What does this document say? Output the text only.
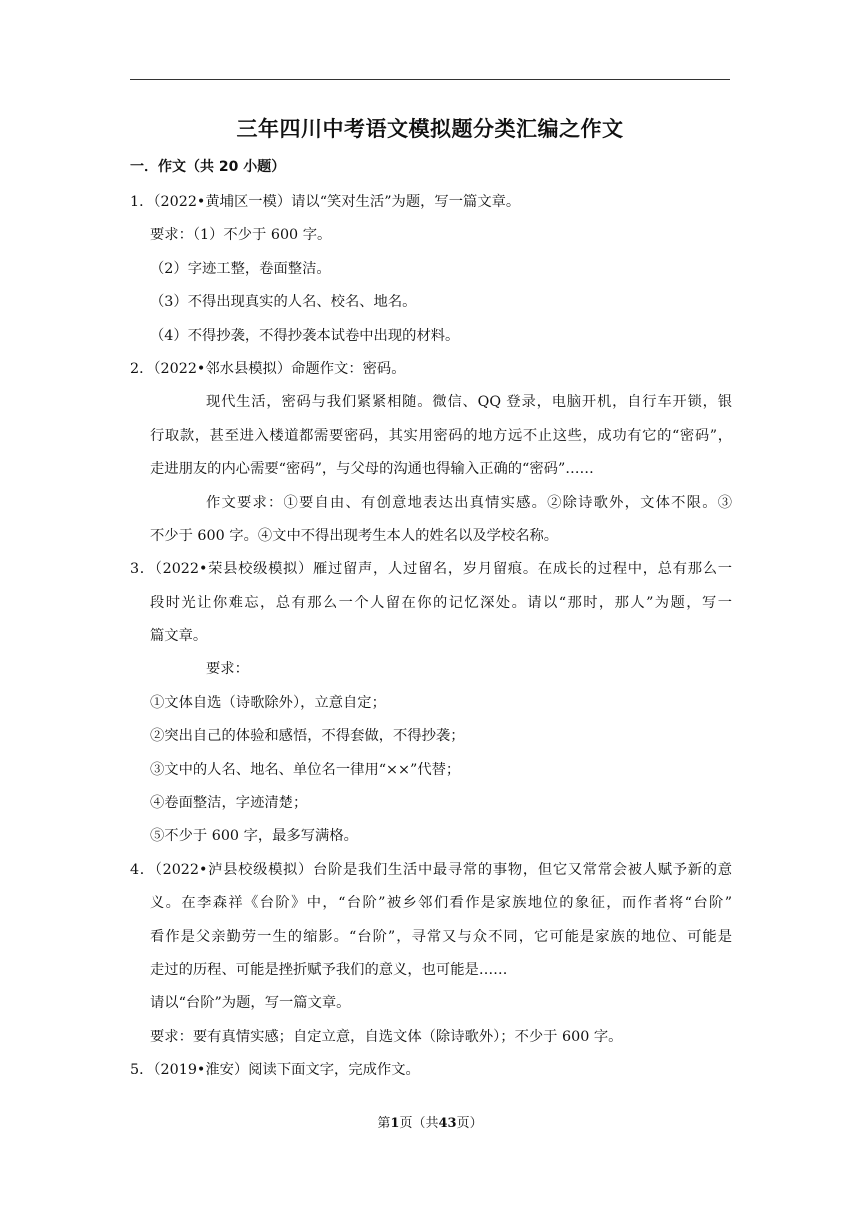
三年四川中考语文模拟题分类汇编之作文
一．作文（共 20 小题）
1．（2022•黄埔区一模）请以“笑对生活”为题，写一篇文章。
要求：（1）不少于 600 字。
（2）字迹工整，卷面整洁。
（3）不得出现真实的人名、校名、地名。
（4）不得抄袭，不得抄袭本试卷中出现的材料。
2．（2022•邻水县模拟）命题作文：密码。
现代生活，密码与我们紧紧相随。微信、QQ 登录，电脑开机，自行车开锁，银
行取款，甚至进入楼道都需要密码，其实用密码的地方远不止这些，成功有它的“密码”，
走进朋友的内心需要“密码”，与父母的沟通也得输入正确的“密码”……
作文要求：①要自由、有创意地表达出真情实感。②除诗歌外，文体不限。③
不少于 600 字。④文中不得出现考生本人的姓名以及学校名称。
3．（2022•荣县校级模拟）雁过留声，人过留名，岁月留痕。在成长的过程中，总有那么一
段时光让你难忘，总有那么一个人留在你的记忆深处。请以“那时，那人”为题，写一
篇文章。
要求：
①文体自选（诗歌除外），立意自定；
②突出自己的体验和感悟，不得套做，不得抄袭；
③文中的人名、地名、单位名一律用“××”代替；
④卷面整洁，字迹清楚；
⑤不少于 600 字，最多写满格。
4．（2022•泸县校级模拟）台阶是我们生活中最寻常的事物，但它又常常会被人赋予新的意
义。在李森祥《台阶》中，“台阶”被乡邻们看作是家族地位的象征，而作者将“台阶”
看作是父亲勤劳一生的缩影。“台阶”，寻常又与众不同，它可能是家族的地位、可能是
走过的历程、可能是挫折赋予我们的意义，也可能是……
请以“台阶”为题，写一篇文章。
要求：要有真情实感；自定立意，自选文体（除诗歌外）；不少于 600 字。
5．（2019•淮安）阅读下面文字，完成作文。
第1页（共43页）
